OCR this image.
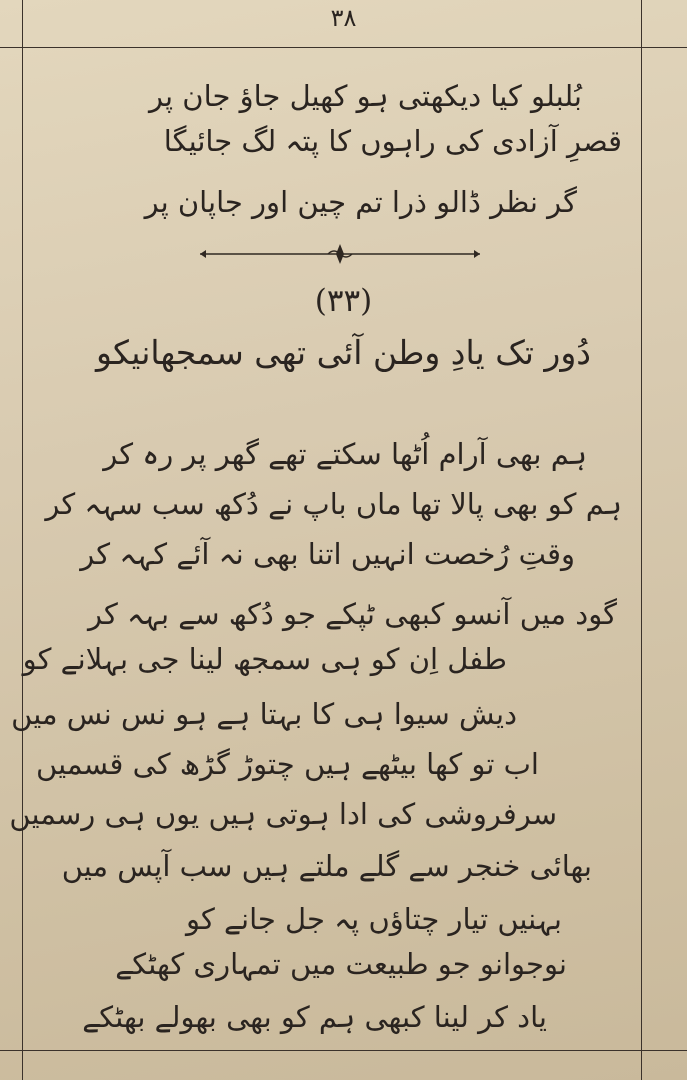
۳۸
بُلبلو کیا دیکھتی ہو کھیل جاؤ جان پر
قصرِ آزادی کی راہوں کا پتہ لگ جائیگا
گر نظر ڈالو ذرا تم چین اور جاپان پر
(۳۳)
دُور تک یادِ وطن آئی تھی سمجھانیکو
ہم بھی آرام اُٹھا سکتے تھے گھر پر رہ کر
ہم کو بھی پالا تھا ماں باپ نے دُکھ سب سہہ کر
وقتِ رُخصت انہیں اتنا بھی نہ آئے کہہ کر
گود میں آنسو کبھی ٹپکے جو دُکھ سے بہہ کر
طفل اِن کو ہی سمجھ لینا جی بہلانے کو
دیش سیوا ہی کا بہتا ہے ہو نس نس میں
اب تو کھا بیٹھے ہیں چتوڑ گڑھ کی قسمیں
سرفروشی کی ادا ہوتی ہیں یوں ہی رسمیں
بھائی خنجر سے گلے ملتے ہیں سب آپس میں
بہنیں تیار چتاؤں پہ جل جانے کو
نوجوانو جو طبیعت میں تمہاری کھٹکے
یاد کر لینا کبھی ہم کو بھی بھولے بھٹکے
